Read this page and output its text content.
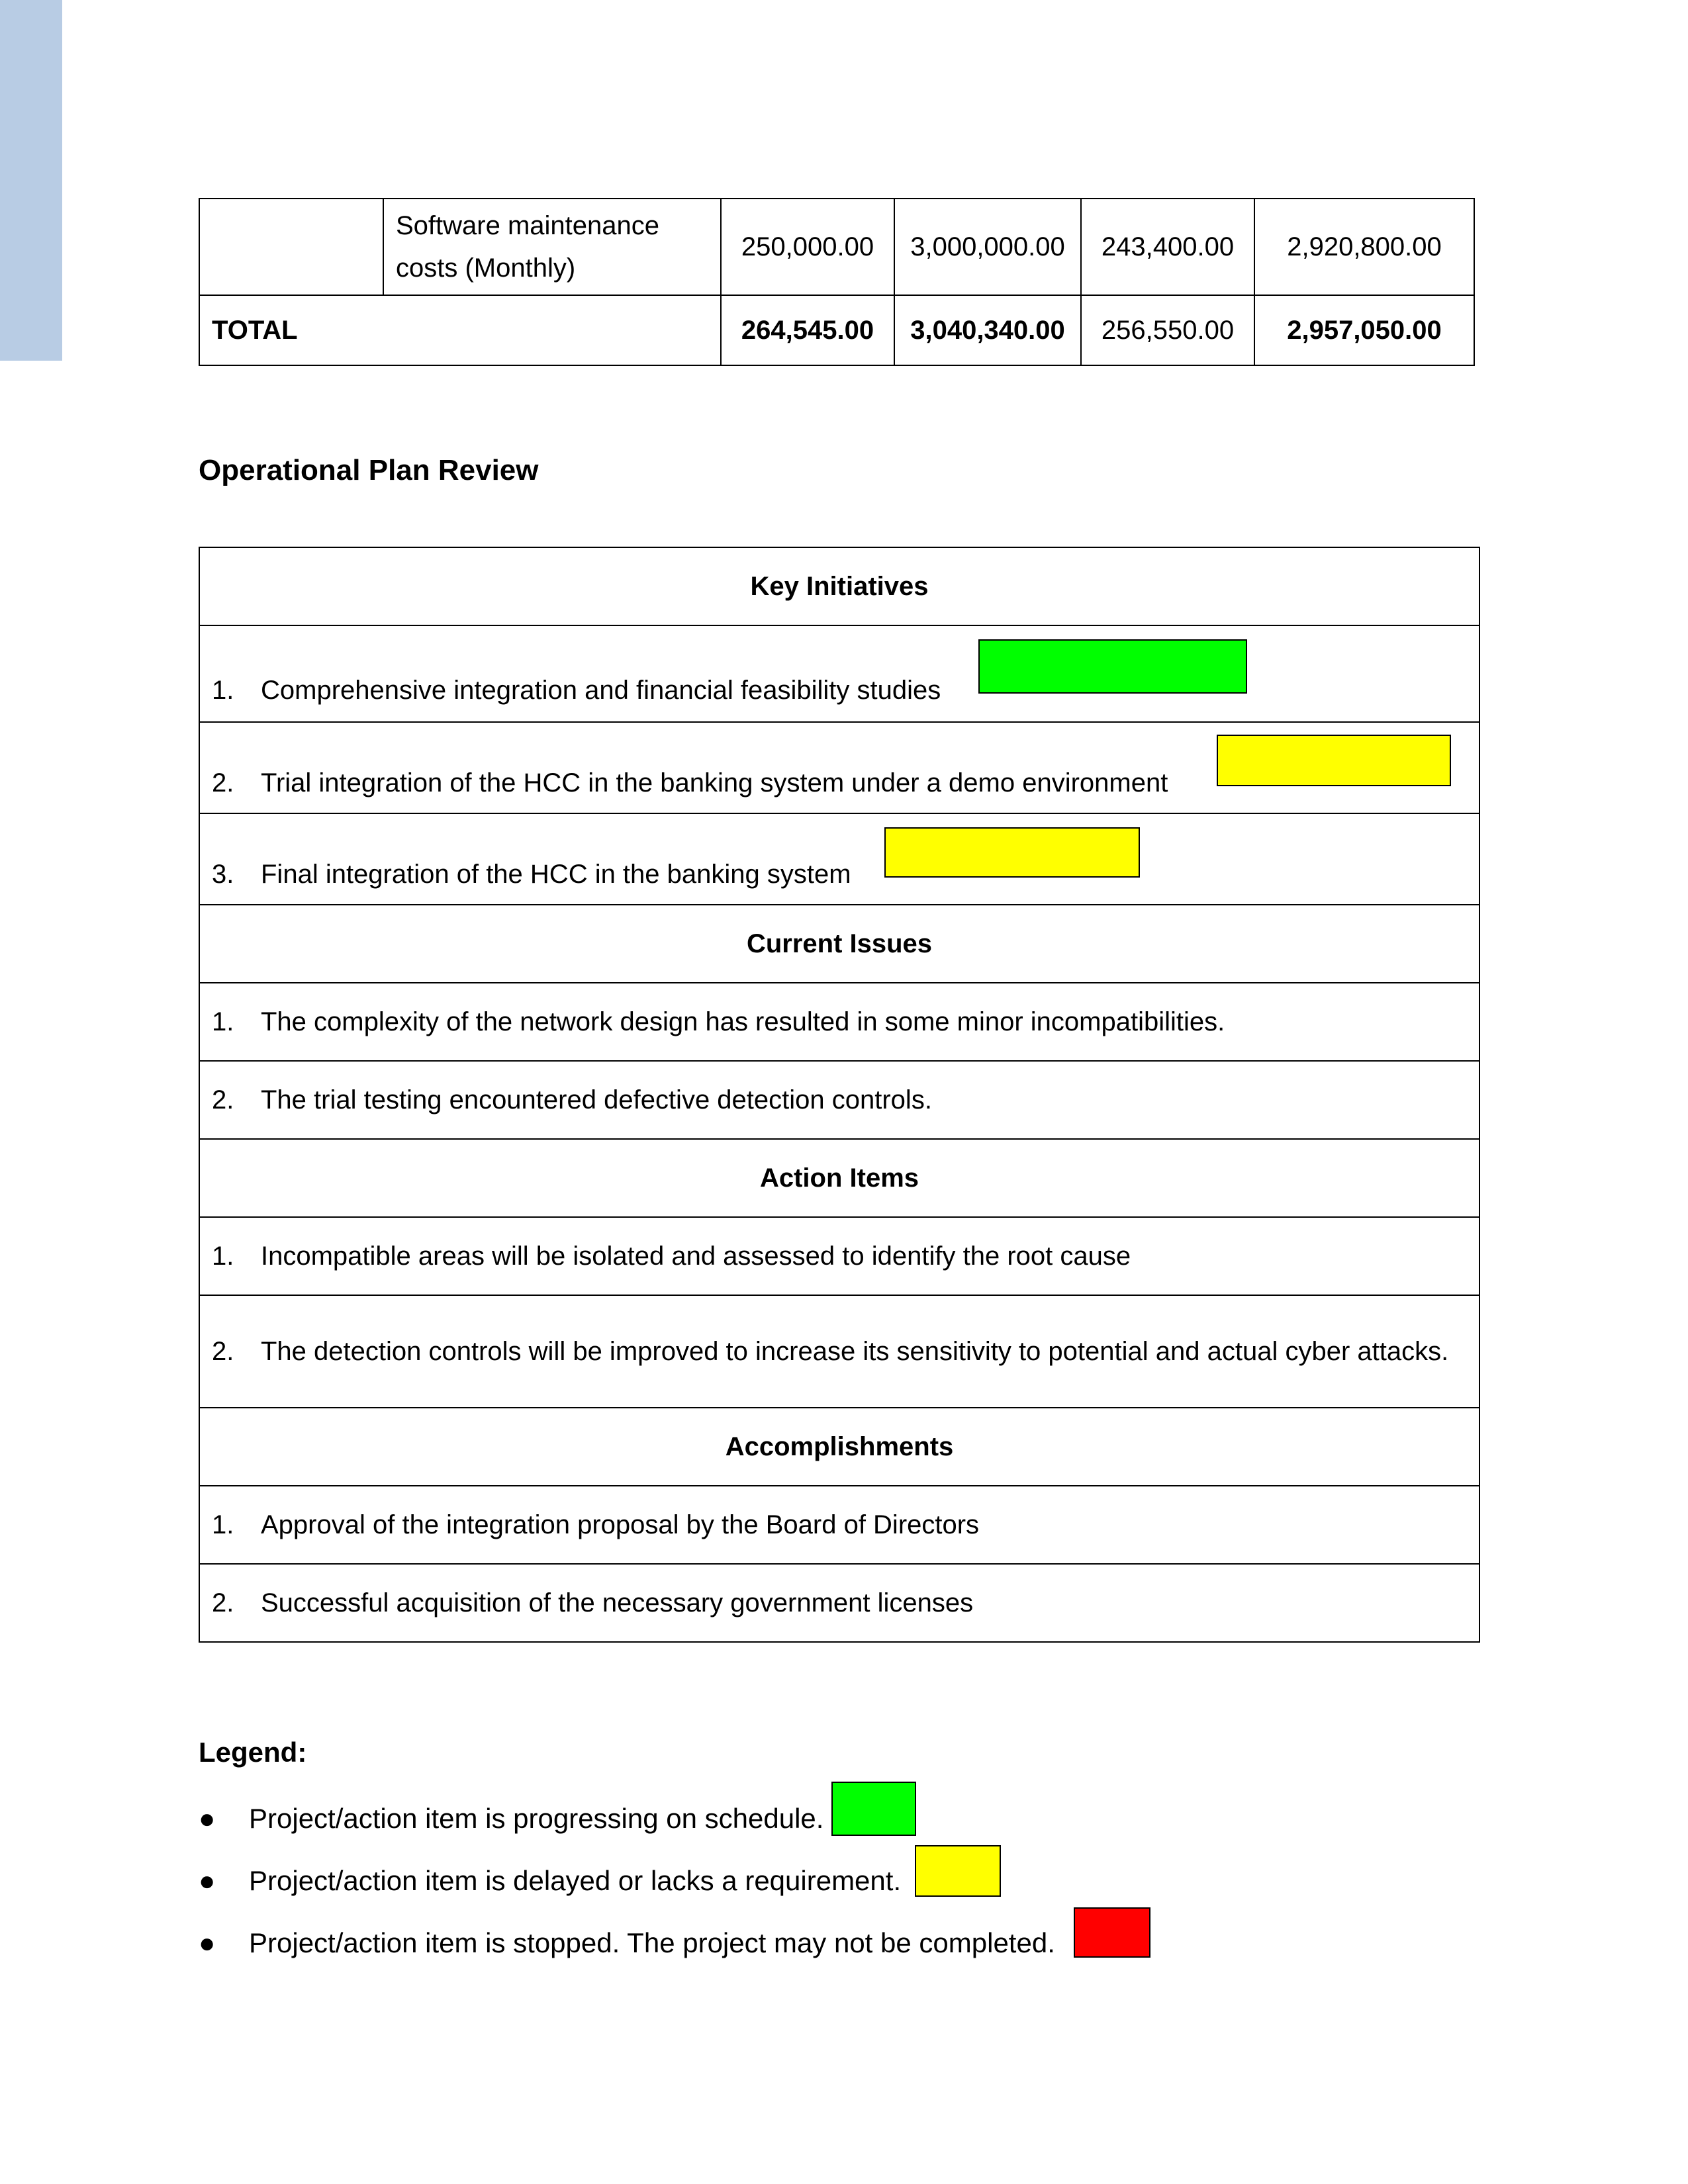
	Software maintenance costs (Monthly)	250,000.00	3,000,000.00	243,400.00	2,920,800.00
TOTAL		264,545.00	3,040,340.00	256,550.00	2,957,050.00
Operational Plan Review
Key Initiatives

1.	Comprehensive integration and financial feasibility studies

2.	Trial integration of the HCC in the banking system under a demo environment

3.	Final integration of the HCC in the banking system

Current Issues

1.	The complexity of the network design has resulted in some minor incompatibilities.

2.	The trial testing encountered defective detection controls.

Action Items

1.	Incompatible areas will be isolated and assessed to identify the root cause

2.	The detection controls will be improved to increase its sensitivity to potential and actual cyber attacks.

Accomplishments

1.	Approval of the integration proposal by the Board of Directors

2.	Successful acquisition of the necessary government licenses
Legend:
● Project/action item is progressing on schedule.
● Project/action item is delayed or lacks a requirement.
● Project/action item is stopped. The project may not be completed.
